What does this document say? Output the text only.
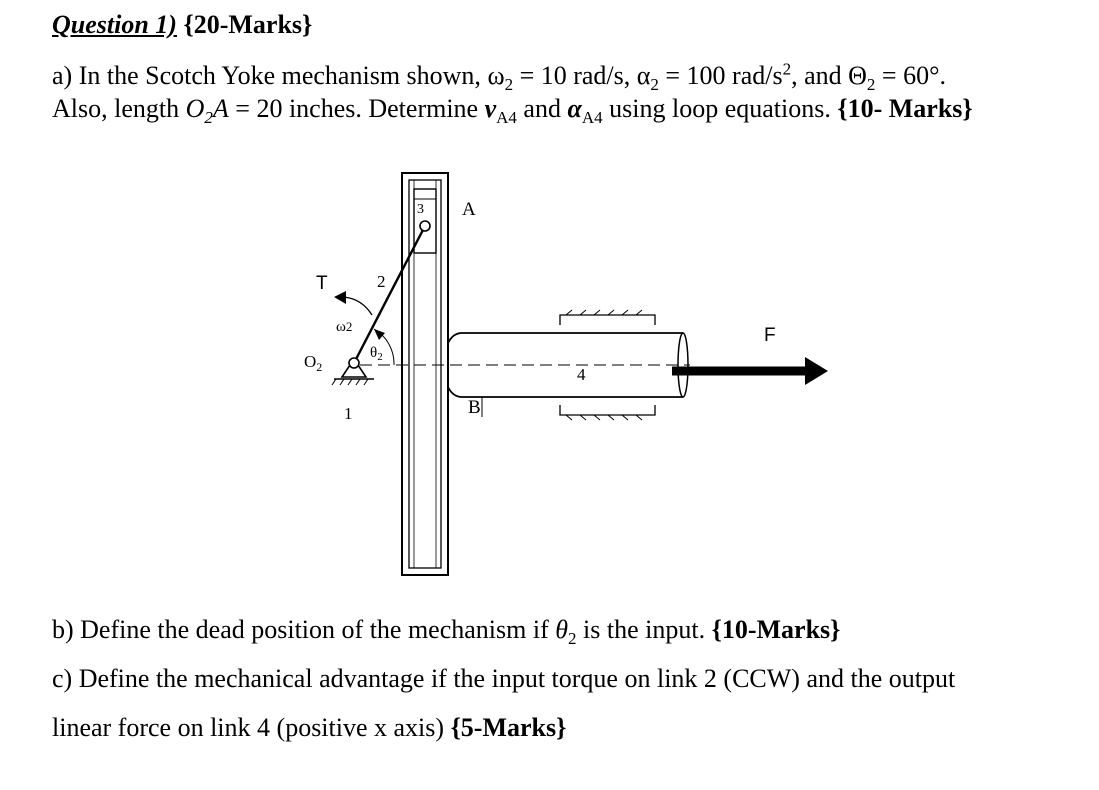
Question 1) {20-Marks}
a) In the Scotch Yoke mechanism shown, $\omega_2 = 10$ rad/s, $\alpha_2 = 100$ rad/$s^2$, and $\Theta_2 = 60^\circ$.
Also, length $O_2A = 20$ inches. Determine $v_{A4}$ and $\alpha_{A4}$ using loop equations. {10- Marks}
A
B
T
F
$O_2$
1
2
3
4
ω2
$\theta_2$
b) Define the dead position of the mechanism if $\theta_2$ is the input. {10-Marks}
c) Define the mechanical advantage if the input torque on link 2 (CCW) and the output
linear force on link 4 (positive x axis) {5-Marks}
